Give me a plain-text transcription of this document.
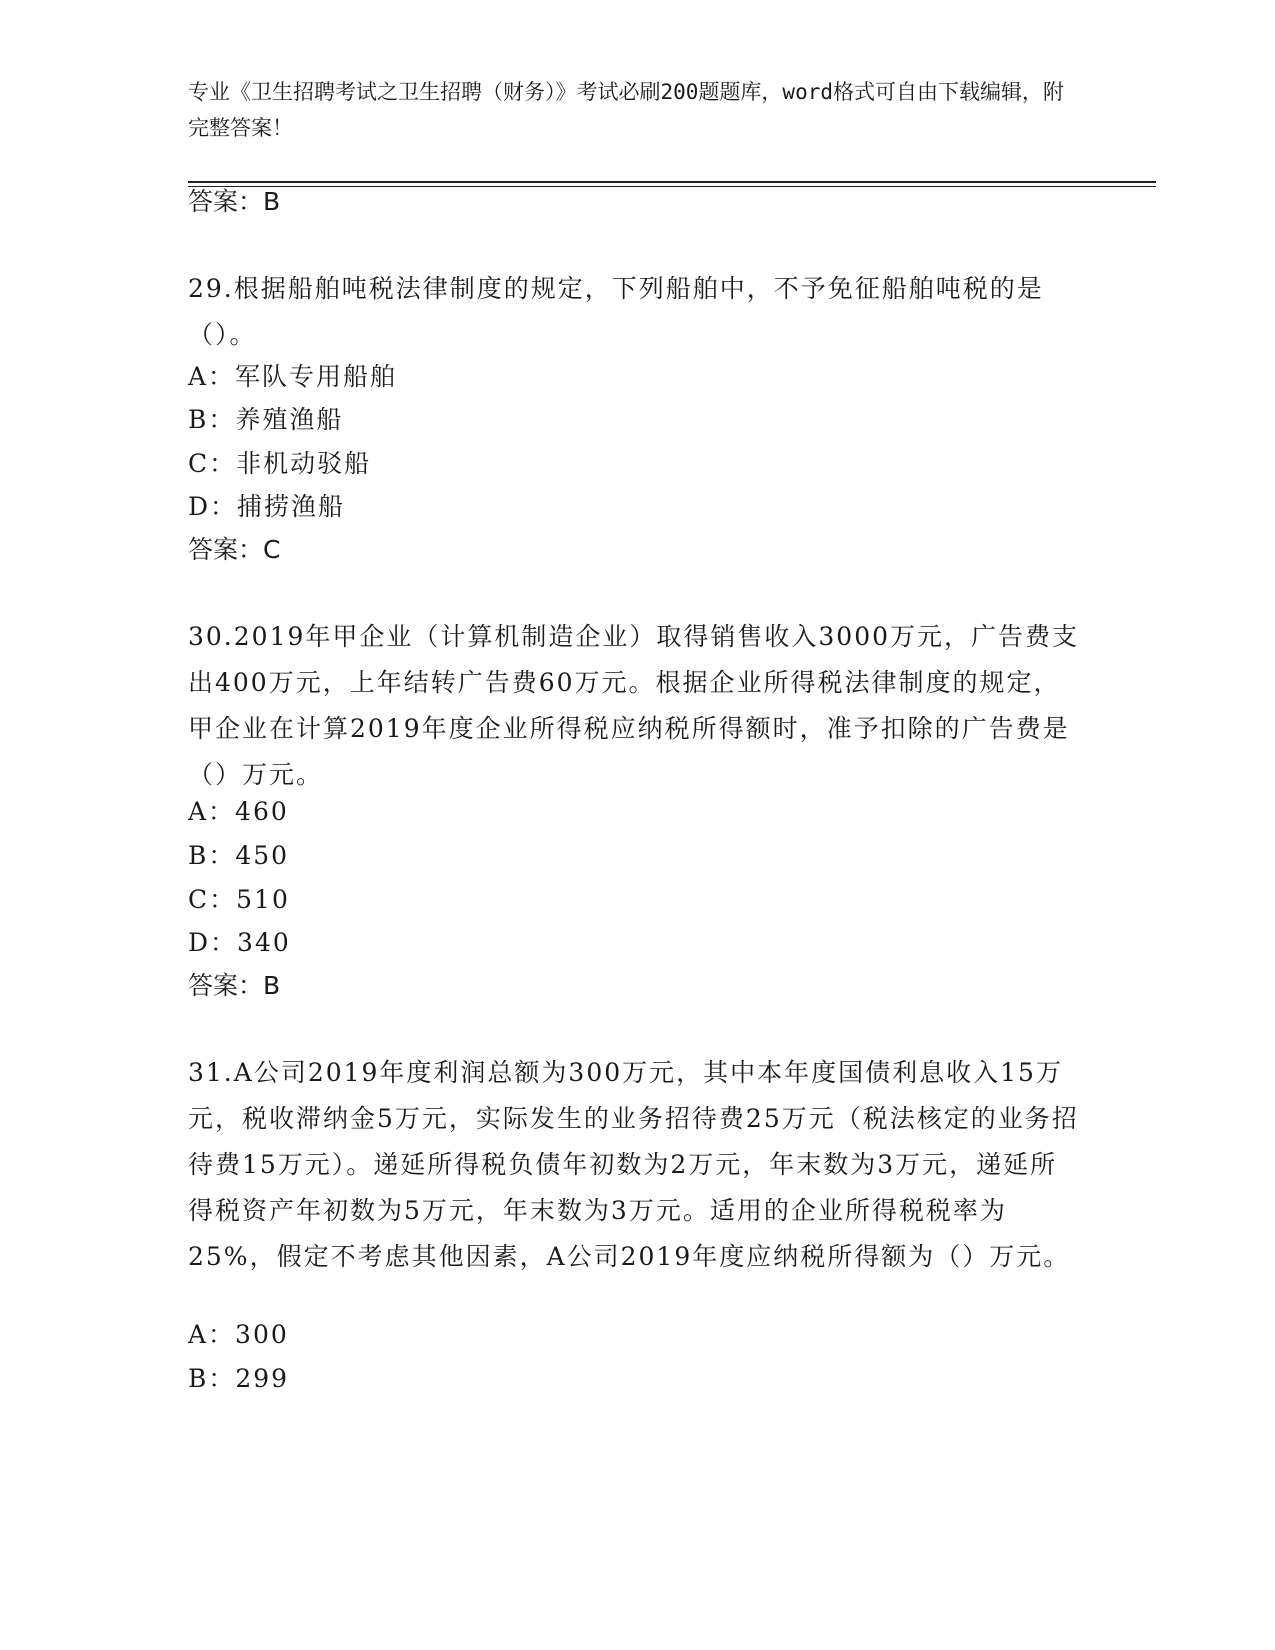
专业《卫生招聘考试之卫生招聘（财务）》考试必刷200题题库，word格式可自由下载编辑，附完整答案！
答案：B
29.根据船舶吨税法律制度的规定，下列船舶中，不予免征船舶吨税的是（）。
A：军队专用船舶
B：养殖渔船
C：非机动驳船
D：捕捞渔船
答案：C
30.2019年甲企业（计算机制造企业）取得销售收入3000万元，广告费支出400万元，上年结转广告费60万元。根据企业所得税法律制度的规定，甲企业在计算2019年度企业所得税应纳税所得额时，准予扣除的广告费是（）万元。
A：460
B：450
C：510
D：340
答案：B
31.A公司2019年度利润总额为300万元，其中本年度国债利息收入15万元，税收滞纳金5万元，实际发生的业务招待费25万元（税法核定的业务招待费15万元）。递延所得税负债年初数为2万元，年末数为3万元，递延所得税资产年初数为5万元，年末数为3万元。适用的企业所得税税率为25%，假定不考虑其他因素，A公司2019年度应纳税所得额为（）万元。
A：300
B：299
